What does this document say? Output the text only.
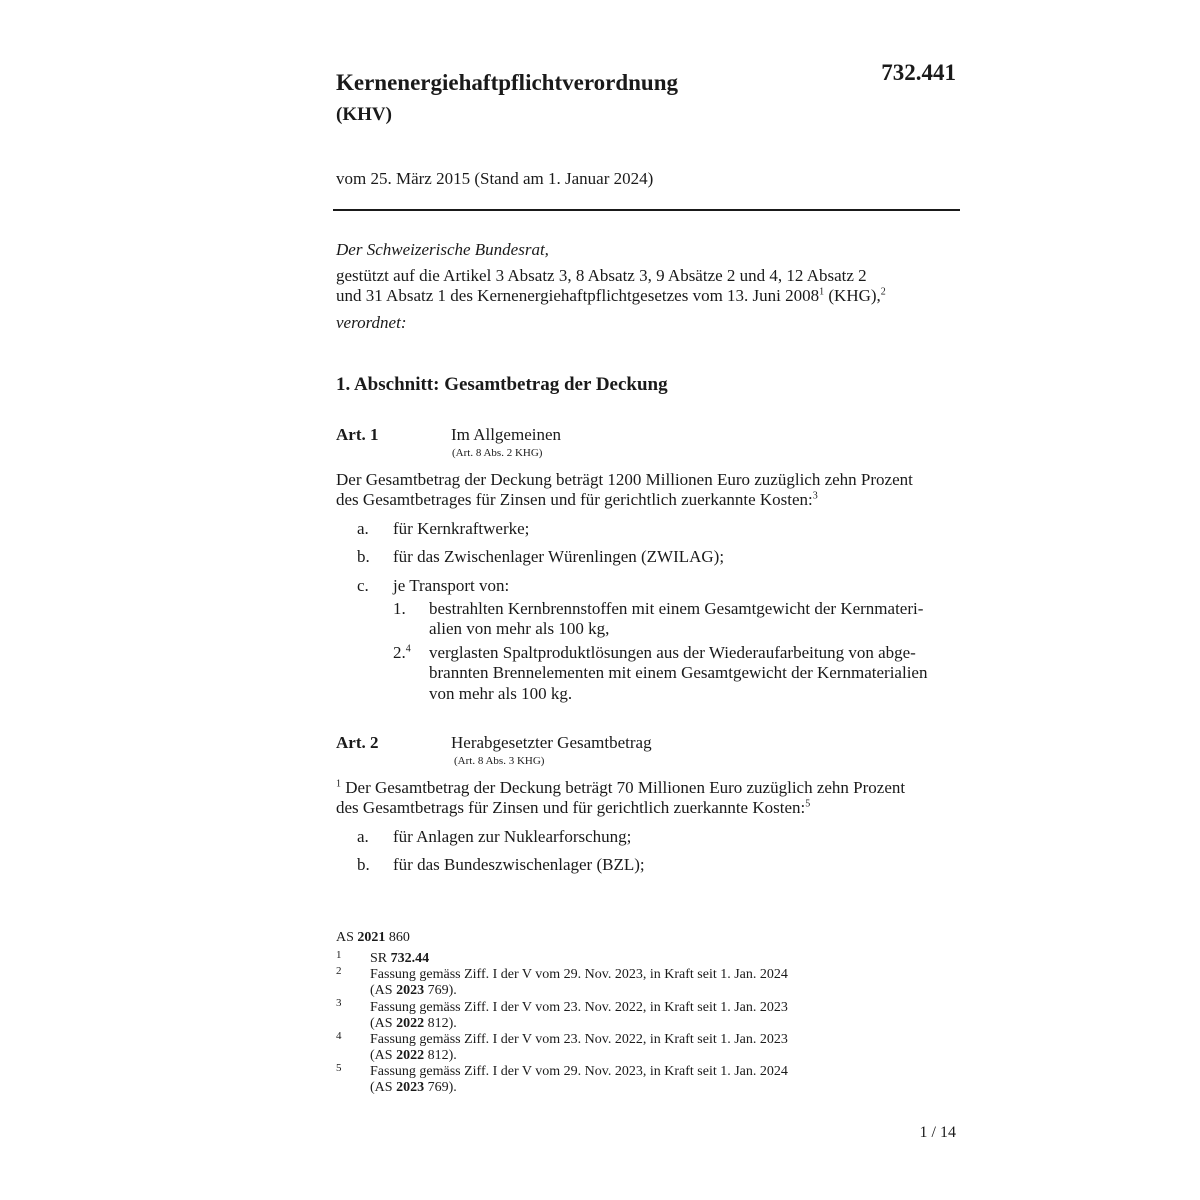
Kernenergiehaftpflichtverordnung
(KHV)
732.441
vom 25. März 2015 (Stand am 1. Januar 2024)
Der Schweizerische Bundesrat,
gestützt auf die Artikel 3 Absatz 3, 8 Absatz 3, 9 Absätze 2 und 4, 12 Absatz 2
und 31 Absatz 1 des Kernenergiehaftpflichtgesetzes vom 13. Juni 2008$^1$ (KHG),$^2$
verordnet:
1. Abschnitt: Gesamtbetrag der Deckung
Art. 1	Im Allgemeinen
(Art. 8 Abs. 2 KHG)
Der Gesamtbetrag der Deckung beträgt 1200 Millionen Euro zuzüglich zehn Prozent
des Gesamtbetrages für Zinsen und für gerichtlich zuerkannte Kosten:$^3$
a. für Kernkraftwerke;
b. für das Zwischenlager Würenlingen (ZWILAG);
c. je Transport von:
1. bestrahlten Kernbrennstoffen mit einem Gesamtgewicht der Kernmateri-
alien von mehr als 100 kg,
2.$^4$ verglasten Spaltproduktlösungen aus der Wiederaufarbeitung von abge-
brannten Brennelementen mit einem Gesamtgewicht der Kernmaterialien
von mehr als 100 kg.
Art. 2	Herabgesetzter Gesamtbetrag
(Art. 8 Abs. 3 KHG)
$^1$ Der Gesamtbetrag der Deckung beträgt 70 Millionen Euro zuzüglich zehn Prozent
des Gesamtbetrags für Zinsen und für gerichtlich zuerkannte Kosten:$^5$
a. für Anlagen zur Nuklearforschung;
b. für das Bundeszwischenlager (BZL);
AS 2021 860
1 SR 732.44
2 Fassung gemäss Ziff. I der V vom 29. Nov. 2023, in Kraft seit 1. Jan. 2024
(AS 2023 769).
3 Fassung gemäss Ziff. I der V vom 23. Nov. 2022, in Kraft seit 1. Jan. 2023
(AS 2022 812).
4 Fassung gemäss Ziff. I der V vom 23. Nov. 2022, in Kraft seit 1. Jan. 2023
(AS 2022 812).
5 Fassung gemäss Ziff. I der V vom 29. Nov. 2023, in Kraft seit 1. Jan. 2024
(AS 2023 769).
1 / 14
